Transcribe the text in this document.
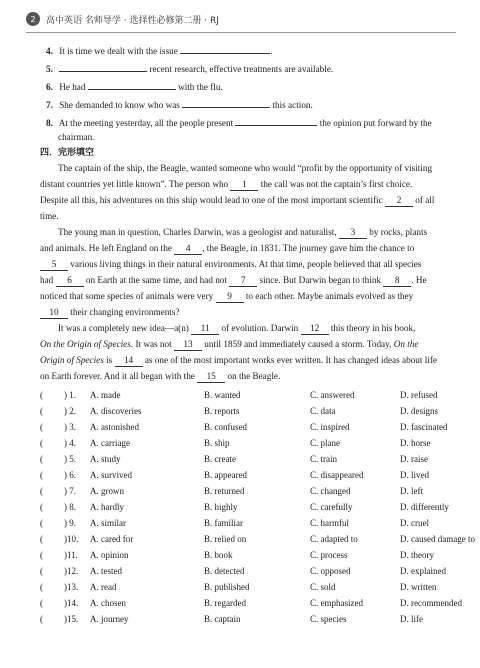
2	高中英语 名师导学 · 选择性必修第二册 · RJ
4. It is time we dealt with the issue	.
5.	recent research, effective treatments are available.
6. He had	with the flu.
7. She demanded to know who was	this action.
8. At the meeting yesterday, all the people present	the opinion put forward by the
chairman.
四．完形填空
The captain of the ship, the Beagle, wanted someone who would “profit by the opportunity of visiting
distant countries yet little known”. The person who 1 the call was not the captain’s first choice.
Despite all this, his adventures on this ship would lead to one of the most important scientific 2 of all
time.
The young man in question, Charles Darwin, was a geologist and naturalist, 3 by rocks, plants
and animals. He left England on the 4 , the Beagle, in 1831. The journey gave him the chance to
5 various living things in their natural environments. At that time, people believed that all species
had 6 on Earth at the same time, and had not 7 since. But Darwin began to think 8 . He
noticed that some species of animals were very 9 to each other. Maybe animals evolved as they
10 their changing environments?
It was a completely new idea—a(n) 11 of evolution. Darwin 12 this theory in his book,
On the Origin of Species. It was not 13 until 1859 and immediately caused a storm. Today, On the
Origin of Species is 14 as one of the most important works ever written. It has changed ideas about life
on Earth forever. And it all began with the 15 on the Beagle.
( ) 1. A. made	B. wanted	C. answered	D. refused
( ) 2. A. discoveries	B. reports	C. data	D. designs
( ) 3. A. astonished	B. confused	C. inspired	D. fascinated
( ) 4. A. carriage	B. ship	C. plane	D. horse
( ) 5. A. study	B. create	C. train	D. raise
( ) 6. A. survived	B. appeared	C. disappeared	D. lived
( ) 7. A. grown	B. returned	C. changed	D. left
( ) 8. A. hardly	B. highly	C. carefully	D. differently
( ) 9. A. similar	B. familiar	C. harmful	D. cruel
( )10. A. cared for	B. relied on	C. adapted to	D. caused damage to
( )11. A. opinion	B. book	C. process	D. theory
( )12. A. tested	B. detected	C. opposed	D. explained
( )13. A. read	B. published	C. sold	D. written
( )14. A. chosen	B. regarded	C. emphasized	D. recommended
( )15. A. journey	B. captain	C. species	D. life
